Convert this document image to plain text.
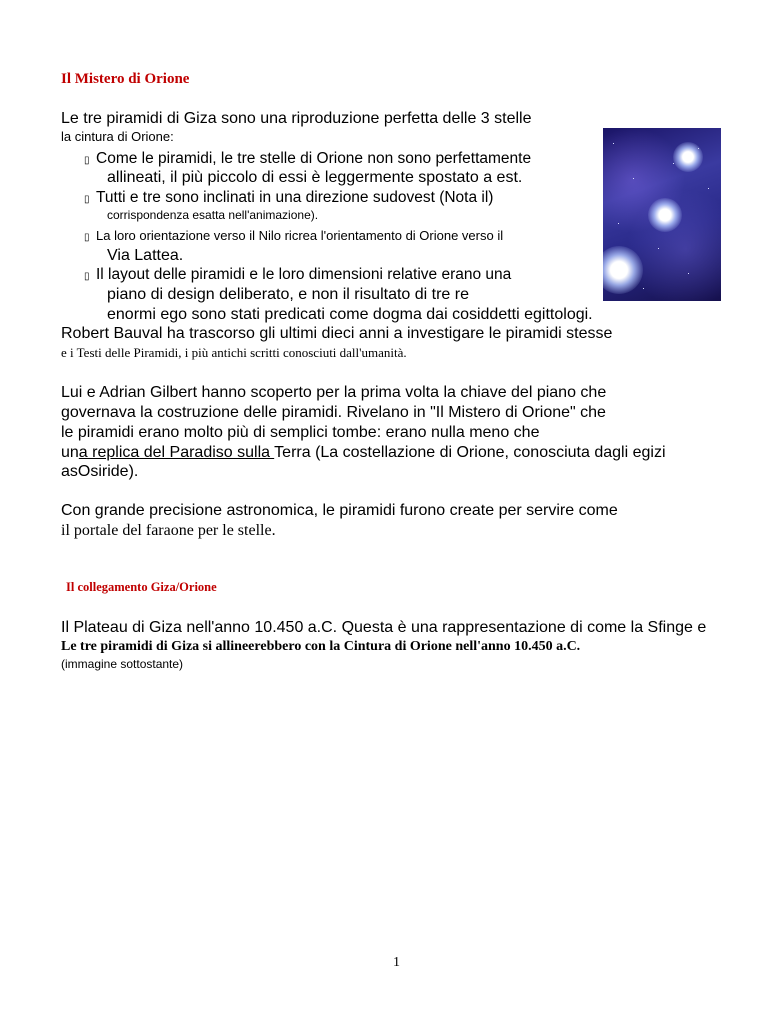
Il Mistero di Orione
Le tre piramidi di Giza sono una riproduzione perfetta delle 3 stelle
la cintura di Orione:
▯ Come le piramidi, le tre stelle di Orione non sono perfettamente
allineati, il più piccolo di essi è leggermente spostato a est.
▯ Tutti e tre sono inclinati in una direzione sudovest (Nota il)
corrispondenza esatta nell'animazione).
▯ La loro orientazione verso il Nilo ricrea l'orientamento di Orione verso il
Via Lattea.
▯ Il layout delle piramidi e le loro dimensioni relative erano una
piano di design deliberato, e non il risultato di tre re
enormi ego sono stati predicati come dogma dai cosiddetti egittologi.
Robert Bauval ha trascorso gli ultimi dieci anni a investigare le piramidi stesse
e i Testi delle Piramidi, i più antichi scritti conosciuti dall'umanità.
Lui e Adrian Gilbert hanno scoperto per la prima volta la chiave del piano che
governava la costruzione delle piramidi. Rivelano in "Il Mistero di Orione" che
le piramidi erano molto più di semplici tombe: erano nulla meno che
una replica del Paradiso sulla Terra (La costellazione di Orione, conosciuta dagli egizi
asOsiride).
Con grande precisione astronomica, le piramidi furono create per servire come
il portale del faraone per le stelle.
Il collegamento Giza/Orione
Il Plateau di Giza nell'anno 10.450 a.C. Questa è una rappresentazione di come la Sfinge e
Le tre piramidi di Giza si allineerebbero con la Cintura di Orione nell'anno 10.450 a.C.
(immagine sottostante)
1
